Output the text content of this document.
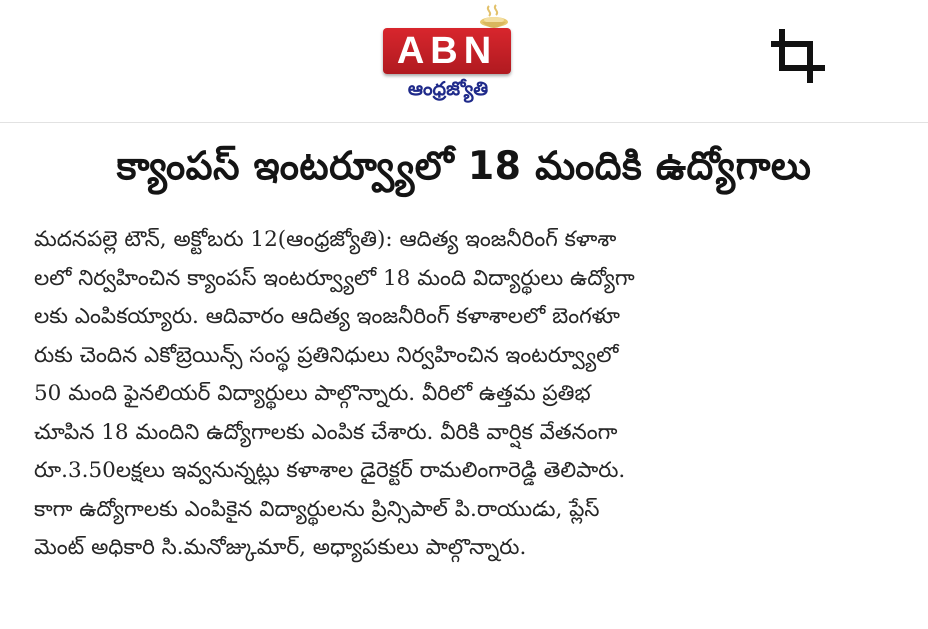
ABN
ఆంధ్రజ్యోతి
క్యాంపస్ ఇంటర్వ్యూలో 18 మందికి ఉద్యోగాలు
మదనపల్లె టౌన్, అక్టోబరు 12(ఆంధ్రజ్యోతి): ఆదిత్య ఇంజనీరింగ్ కళాశా
లలో నిర్వహించిన క్యాంపస్ ఇంటర్వ్యూలో 18 మంది విద్యార్థులు ఉద్యోగా
లకు ఎంపికయ్యారు. ఆదివారం ఆదిత్య ఇంజనీరింగ్ కళాశాలలో బెంగళూ
రుకు చెందిన ఎకోబ్రెయిన్స్ సంస్థ ప్రతినిధులు నిర్వహించిన ఇంటర్వ్యూలో
50 మంది ఫైనలియర్ విద్యార్థులు పాల్గొన్నారు. వీరిలో ఉత్తమ ప్రతిభ
చూపిన 18 మందిని ఉద్యోగాలకు ఎంపిక చేశారు. వీరికి వార్షిక వేతనంగా
రూ.3.50లక్షలు ఇవ్వనున్నట్లు కళాశాల డైరెక్టర్ రామలింగారెడ్డి తెలిపారు.
కాగా ఉద్యోగాలకు ఎంపికైన విద్యార్థులను ప్రిన్సిపాల్ పి.రాయుడు, ప్లేస్
మెంట్ అధికారి సి.మనోజ్కుమార్, అధ్యాపకులు పాల్గొన్నారు.
